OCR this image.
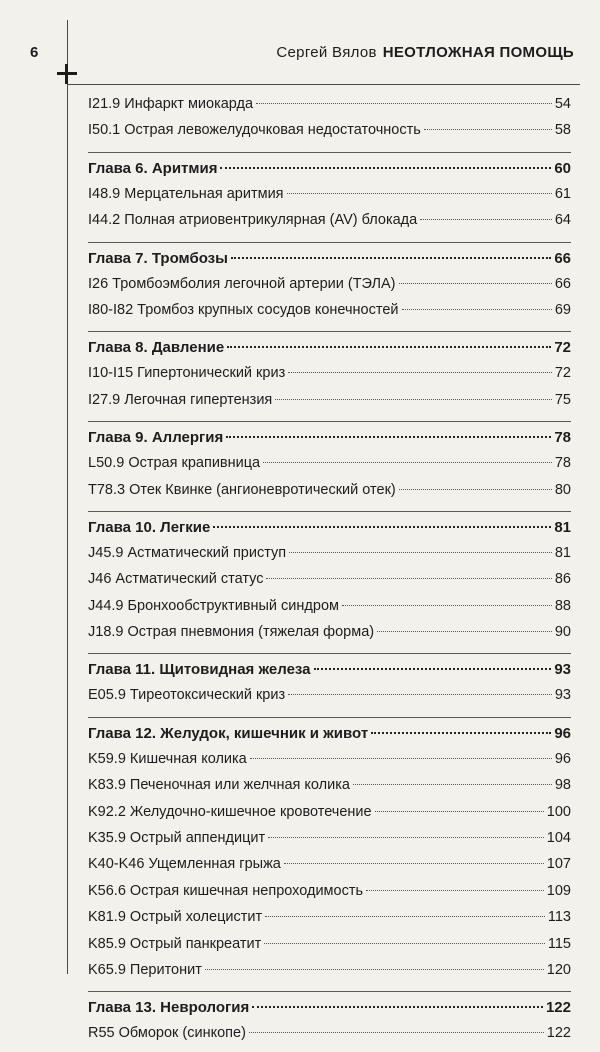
6	Сергей Вялов НЕОТЛОЖНАЯ ПОМОЩЬ
I21.9 Инфаркт миокарда	54
I50.1 Острая левожелудочковая недостаточность	58
Глава 6. Аритмия	60
I48.9 Мерцательная аритмия	61
I44.2 Полная атриовентрикулярная (AV) блокада	64
Глава 7. Тромбозы	66
I26 Тромбоэмболия легочной артерии (ТЭЛА)	66
I80-I82 Тромбоз крупных сосудов конечностей	69
Глава 8. Давление	72
I10-I15 Гипертонический криз	72
I27.9 Легочная гипертензия	75
Глава 9. Аллергия	78
L50.9 Острая крапивница	78
T78.3 Отек Квинке (ангионевротический отек)	80
Глава 10. Легкие	81
J45.9 Астматический приступ	81
J46 Астматический статус	86
J44.9 Бронхообструктивный синдром	88
J18.9 Острая пневмония (тяжелая форма)	90
Глава 11. Щитовидная железа	93
E05.9 Тиреотоксический криз	93
Глава 12. Желудок, кишечник и живот	96
K59.9 Кишечная колика	96
K83.9 Печеночная или желчная колика	98
K92.2 Желудочно-кишечное кровотечение	100
K35.9 Острый аппендицит	104
K40-K46 Ущемленная грыжа	107
K56.6 Острая кишечная непроходимость	109
K81.9 Острый холецистит	113
K85.9 Острый панкреатит	115
K65.9 Перитонит	120
Глава 13. Неврология	122
R55 Обморок (синкопе)	122
